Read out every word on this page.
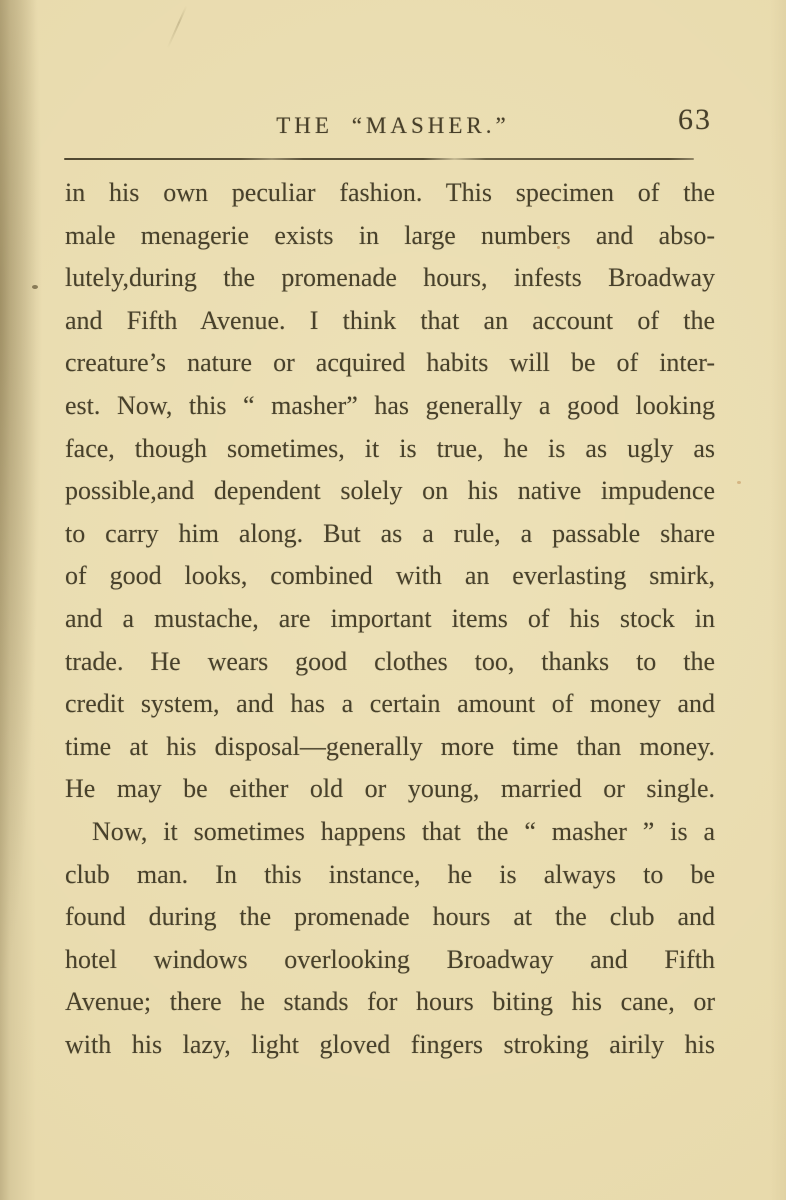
THE “MASHER.”	63
in his own peculiar fashion. This specimen of the
male menagerie exists in large numbers and abso-
lutely,during the promenade hours, infests Broadway
and Fifth Avenue. I think that an account of the
creature’s nature or acquired habits will be of inter-
est. Now, this “ masher” has generally a good looking
face, though sometimes, it is true, he is as ugly as
possible,and dependent solely on his native impudence
to carry him along. But as a rule, a passable share
of good looks, combined with an everlasting smirk,
and a mustache, are important items of his stock in
trade. He wears good clothes too, thanks to the
credit system, and has a certain amount of money and
time at his disposal—generally more time than money.
He may be either old or young, married or single.
Now, it sometimes happens that the “ masher ” is a
club man. In this instance, he is always to be
found during the promenade hours at the club and
hotel windows overlooking Broadway and Fifth
Avenue; there he stands for hours biting his cane, or
with his lazy, light gloved fingers stroking airily his
